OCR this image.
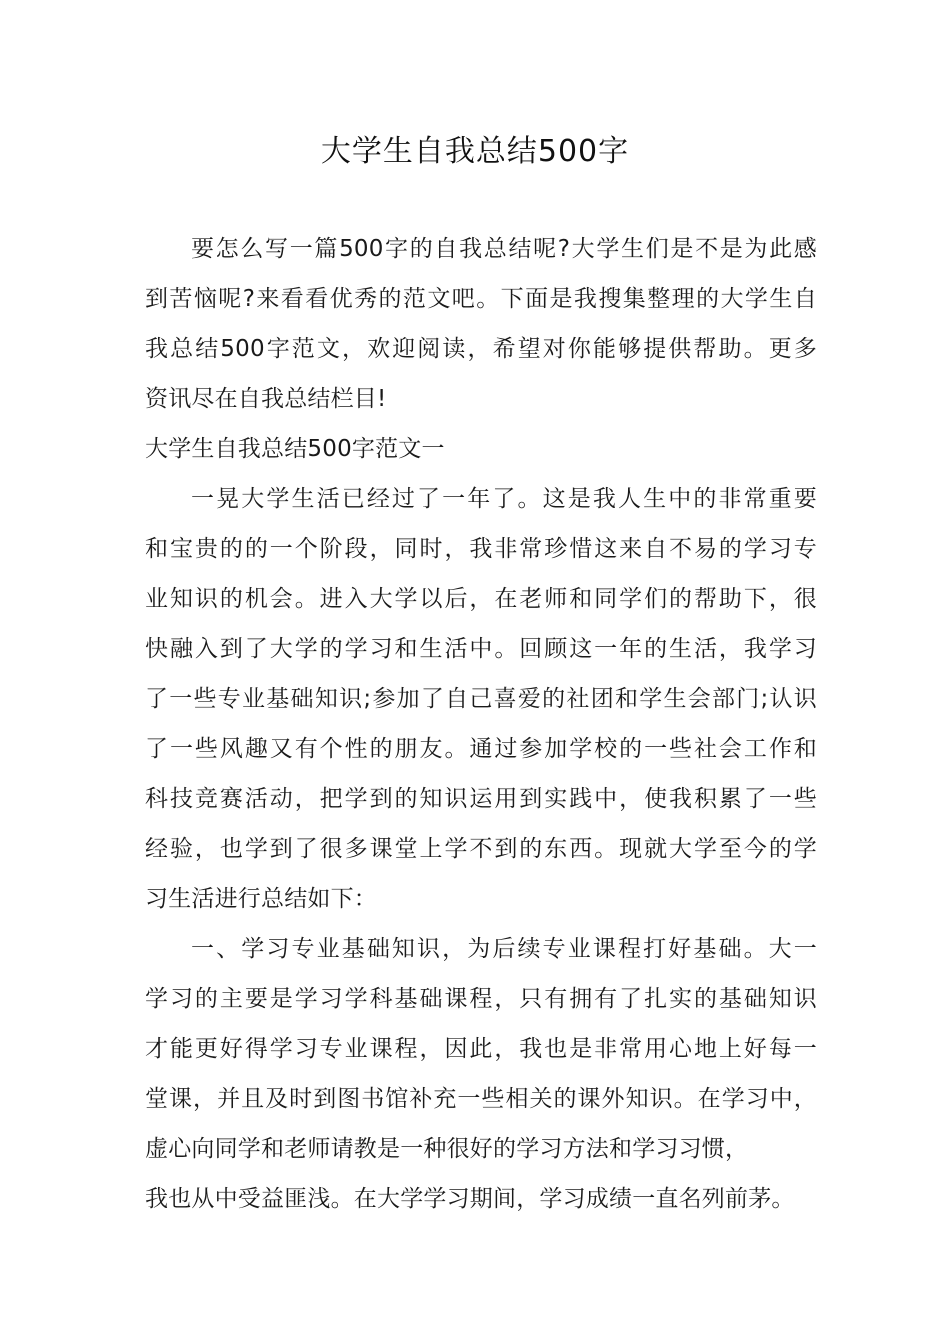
大学生自我总结500字
要怎么写一篇500字的自我总结呢?大学生们是不是为此感
到苦恼呢?来看看优秀的范文吧。下面是我搜集整理的大学生自
我总结500字范文，欢迎阅读，希望对你能够提供帮助。更多
资讯尽在自我总结栏目!
大学生自我总结500字范文一
一晃大学生活已经过了一年了。这是我人生中的非常重要
和宝贵的的一个阶段，同时，我非常珍惜这来自不易的学习专
业知识的机会。进入大学以后，在老师和同学们的帮助下，很
快融入到了大学的学习和生活中。回顾这一年的生活，我学习
了一些专业基础知识;参加了自己喜爱的社团和学生会部门;认识
了一些风趣又有个性的朋友。通过参加学校的一些社会工作和
科技竞赛活动，把学到的知识运用到实践中，使我积累了一些
经验，也学到了很多课堂上学不到的东西。现就大学至今的学
习生活进行总结如下：
一、学习专业基础知识，为后续专业课程打好基础。大一
学习的主要是学习学科基础课程，只有拥有了扎实的基础知识
才能更好得学习专业课程，因此，我也是非常用心地上好每一
堂课，并且及时到图书馆补充一些相关的课外知识。在学习中，
虚心向同学和老师请教是一种很好的学习方法和学习习惯，
我也从中受益匪浅。在大学学习期间，学习成绩一直名列前茅。
